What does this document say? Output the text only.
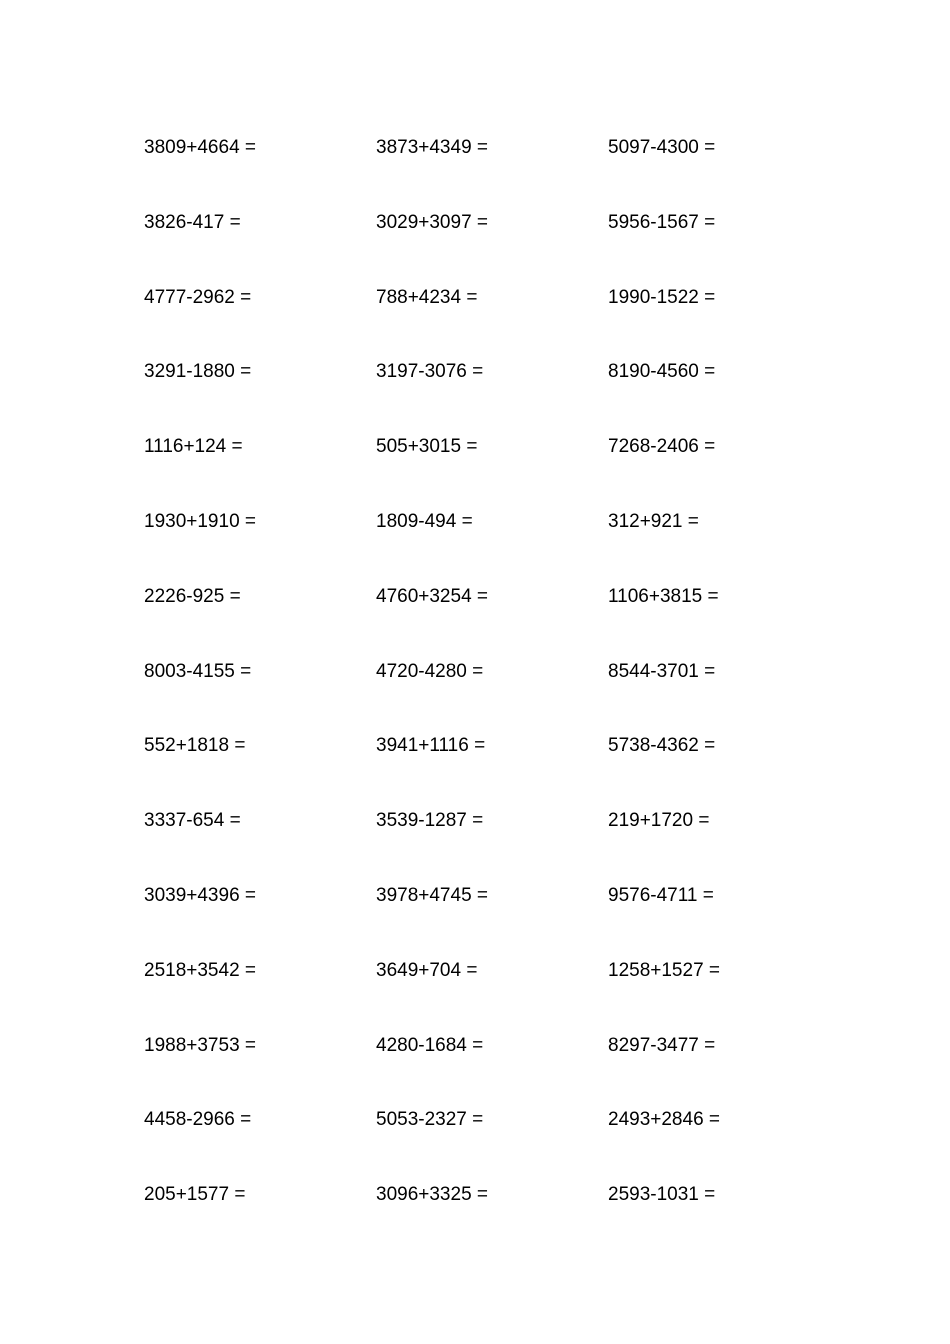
3809+4664 =	3873+4349 =	5097-4300 =
3826-417 =	3029+3097 =	5956-1567 =
4777-2962 =	788+4234 =	1990-1522 =
3291-1880 =	3197-3076 =	8190-4560 =
1116+124 =	505+3015 =	7268-2406 =
1930+1910 =	1809-494 =	312+921 =
2226-925 =	4760+3254 =	1106+3815 =
8003-4155 =	4720-4280 =	8544-3701 =
552+1818 =	3941+1116 =	5738-4362 =
3337-654 =	3539-1287 =	219+1720 =
3039+4396 =	3978+4745 =	9576-4711 =
2518+3542 =	3649+704 =	1258+1527 =
1988+3753 =	4280-1684 =	8297-3477 =
4458-2966 =	5053-2327 =	2493+2846 =
205+1577 =	3096+3325 =	2593-1031 =
